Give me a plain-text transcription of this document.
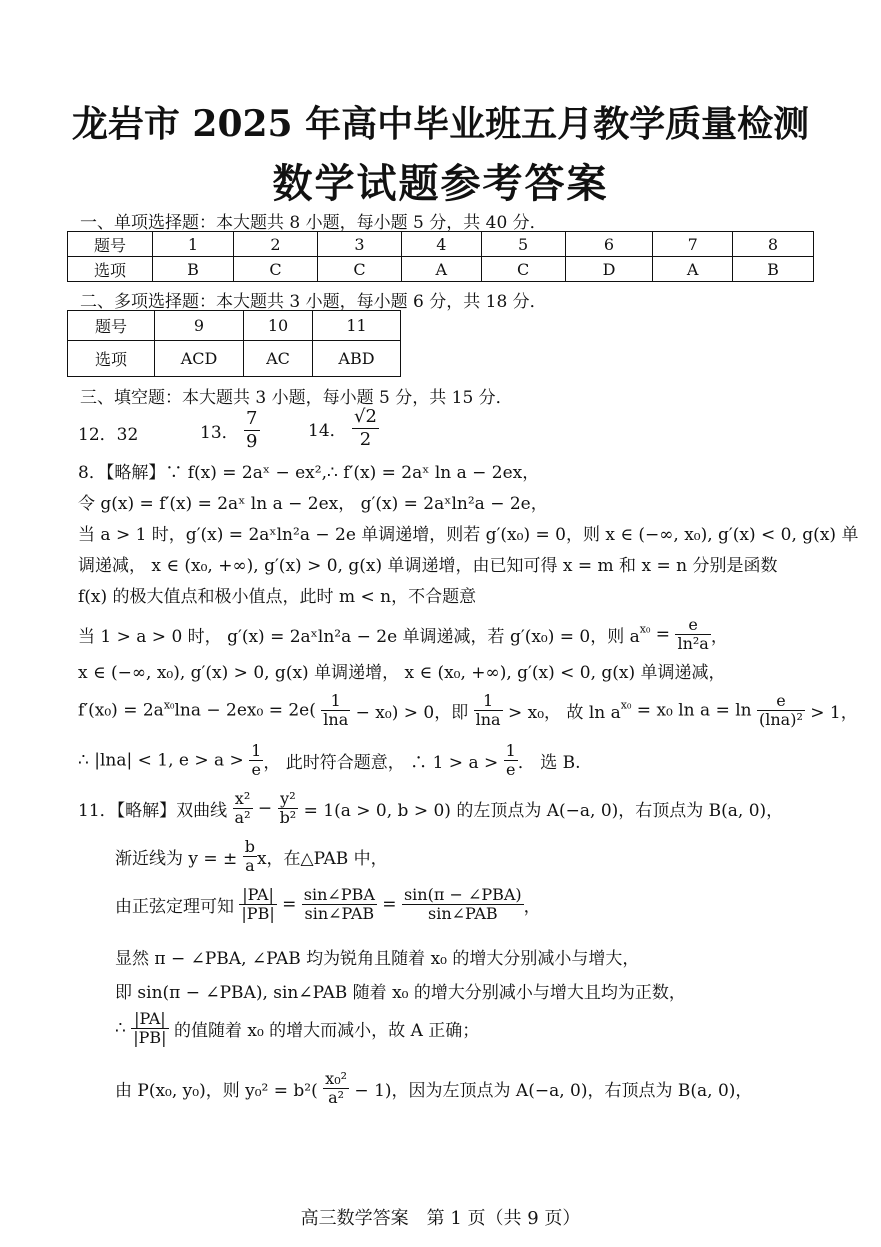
龙岩市 2025 年高中毕业班五月教学质量检测
数学试题参考答案
一、单项选择题：本大题共 8 小题，每小题 5 分，共 40 分．
题号	1	2	3	4	5	6	7	8
选项	B	C	C	A	C	D	A	B
二、多项选择题：本大题共 3 小题，每小题 6 分，共 18 分．
题号	9	10	11
选项	ACD	AC	ABD
三、填空题：本大题共 3 小题，每小题 5 分，共 15 分．
12．32	13． $\frac{7}{9}$	14． $\frac{√2}{2}$
8．【略解】∵ f(x) = 2aˣ − ex²,∴ f′(x) = 2aˣ ln a − 2ex，
令 g(x) = f′(x) = 2aˣ ln a − 2ex， g′(x) = 2aˣln²a − 2e，
当 a > 1 时，g′(x) = 2aˣln²a − 2e 单调递增，则若 g′(x₀) = 0，则 x ∈ (−∞, x₀), g′(x) < 0, g(x) 单
调递减， x ∈ (x₀, +∞), g′(x) > 0, g(x) 单调递增，由已知可得 x = m 和 x = n 分别是函数
f(x) 的极大值点和极小值点，此时 m < n，不合题意
当 1 > a > 0 时， g′(x) = 2aˣln²a − 2e 单调递减，若 g′(x₀) = 0，则 $a^{x_0} = \frac{e}{\text{ln²a}}$ ，
x ∈ (−∞, x₀), g′(x) > 0, g(x) 单调递增， x ∈ (x₀, +∞), g′(x) < 0, g(x) 单调递减，
$f'(x_0) = 2a^{x_0}\ln a - 2ex_0 = 2e( \frac{1}{\ln a} - x_0) > 0$，即 $\frac{1}{\ln a} > x_0$， 故 $\ln a^{x_0} = x_0$ $\ln a = \ln \frac{e}{\text{(lna)²}} > 1$，
∴ |lna| < 1, $e > a > \frac{1}{e}$ ， 此时符合题意， ∴ $1 > a > \frac{1}{e}$ ． 选 B.
11．【略解】双曲线 $\frac{\text{x²}}{\text{a²}} - \frac{\text{y²}}{\text{b²}} = 1(a > 0$, b > 0) 的左顶点为 A(−a, 0)，右顶点为 B(a, 0)，
渐近线为 y = ± $\frac{b}{a}$ x，在△PAB 中，
由正弦定理可知 $\frac{|PA|}{|PB|} = \frac{\text{sin∠PBA}}{\text{sin∠PAB}} = \frac{\text{sin(π − ∠PBA)}}{\text{sin∠PAB}}$ ，
显然 π − ∠PBA, ∠PAB 均为锐角且随着 x₀ 的增大分别减小与增大，
即 sin(π − ∠PBA), sin∠PAB 随着 x₀ 的增大分别减小与增大且均为正数，
∴ $\frac{|PA|}{|PB|}$ 的值随着 x₀ 的增大而减小，故 A 正确；
由 P(x₀, y₀)，则 $y_0^2 = b^2( \frac{\text{x₀²}}{\text{a²}} - 1)$，因为左顶点为 A(−a, 0)，右顶点为 B(a, 0)，
高三数学答案　第 1 页（共 9 页）
